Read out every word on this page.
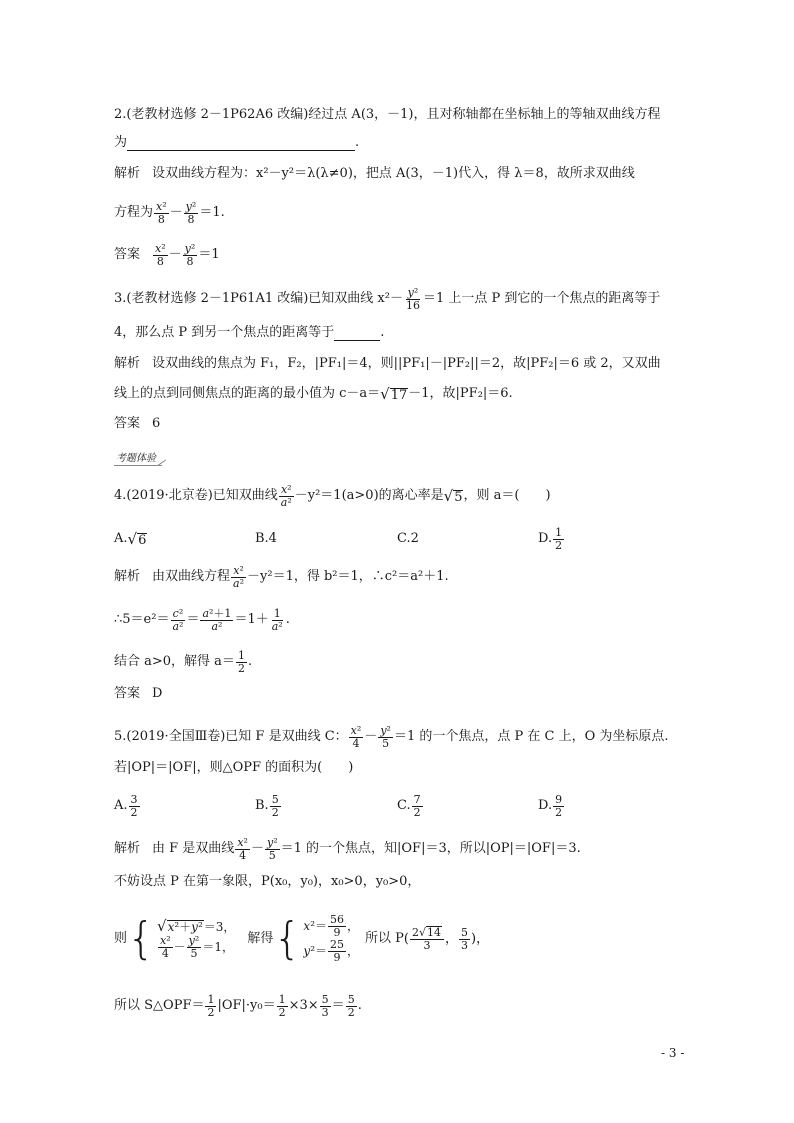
2.(老教材选修 2－1P62A6 改编)经过点 A(3，－1)，且对称轴都在坐标轴上的等轴双曲线方程
为	.
解析 设双曲线方程为：x²－y²＝λ(λ≠0)，把点 A(3，－1)代入，得 λ＝8，故所求双曲线
方程为 $\frac{\text{x²}}{8} - \frac{\text{y²}}{8} =1$.
答案 $\frac{\text{x²}}{8} - \frac{\text{y²}}{8} =1$
3.(老教材选修 2－1P61A1 改编)已知双曲线 $x^2- \frac{\text{y²}}{16} =1$ 上一点 P 到它的一个焦点的距离等于
4，那么点 P 到另一个焦点的距离等于	.
解析 设双曲线的焦点为 F₁，F₂，|PF₁|＝4，则||PF₁|－|PF₂||＝2，故|PF₂|＝6 或 2，又双曲
线上的点到同侧焦点的距离的最小值为 c－a＝ √ 17 －1，故|PF₂|＝6.
答案 6
考题体验
4.(2019·北京卷)已知双曲线 $\frac{\text{x²}}{\text{a²}} -y^2=1(a>0)$的离心率是 √ 5 ，则 a＝(　　)
A. √ 6	B.4	C.2	D. $\frac{1}{2}$
解析 由双曲线方程 $\frac{\text{x²}}{\text{a²}} -y^2=1$，得 b²＝1，∴c²＝a²＋1.
∴5＝e²＝ $\frac{\text{c²}}{\text{a²}} = \frac{\text{a²＋1}}{\text{a²}} =1+ \frac{1}{\text{a²}}$ .
结合 a>0，解得 $a= \frac{1}{2}$ .
答案 D
5.(2019·全国Ⅲ卷)已知 F 是双曲线 C： $\frac{\text{x²}}{4} - \frac{\text{y²}}{5} =1$ 的一个焦点，点 P 在 C 上，O 为坐标原点.
若|OP|＝|OF|，则△OPF 的面积为(　　)
A. $\frac{3}{2}$	B. $\frac{5}{2}$	C. $\frac{7}{2}$	D. $\frac{9}{2}$
解析 由 F 是双曲线 $\frac{\text{x²}}{4} - \frac{\text{y²}}{5} =1$ 的一个焦点，知|OF|＝3，所以|OP|＝|OF|＝3.
不妨设点 P 在第一象限，P(x₀，y₀)，x₀>0，y₀>0，
则 { √ x²＋y² ＝3，
$\frac{\text{x²}}{4} - \frac{\text{y²}}{5} =1$，
解得 { $x^2= \frac{56}{9}$ ，
$y^2= \frac{25}{9}$ ，
所以 P ( $\frac{2 √ 14}{3}$ ， $\frac{5}{3}$ )，
所以 S△OPF＝ $\frac{1}{2} |OF|\cdot y_0= \frac{1}{2} \times 3\times \frac{5}{3} = \frac{5}{2}$ .
- 3 -
